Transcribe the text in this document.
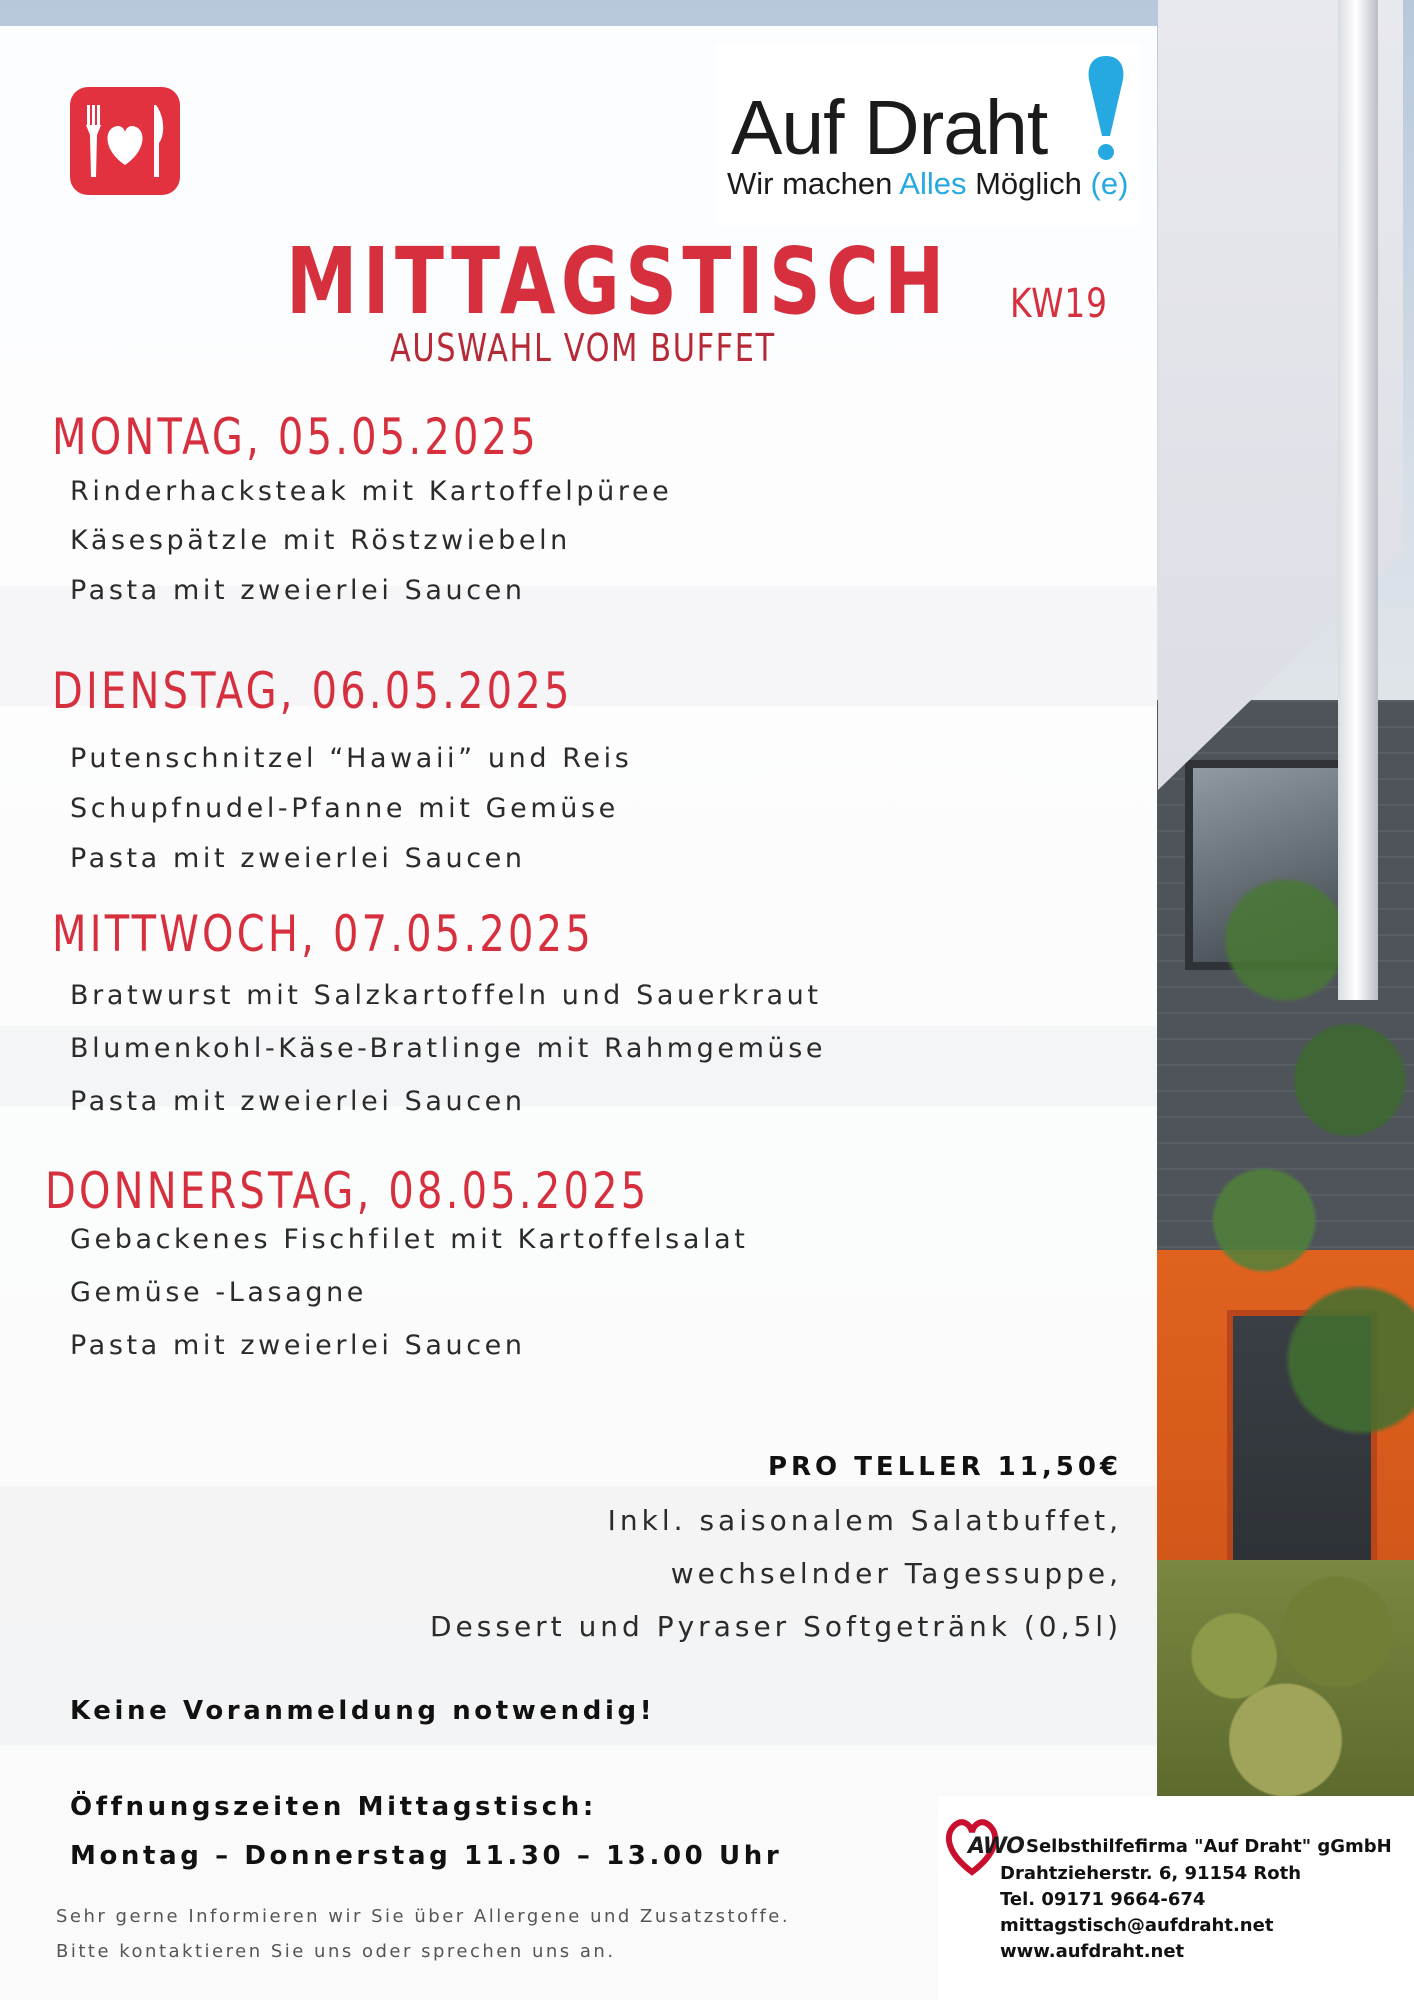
Auf Draht
Wir machen Alles Möglich (e)
MITTAGSTISCH
AUSWAHL VOM BUFFET
KW19
MONTAG, 05.05.2025
Rinderhacksteak mit Kartoffelpüree
Käsespätzle mit Röstzwiebeln
Pasta mit zweierlei Saucen
DIENSTAG, 06.05.2025
Putenschnitzel “Hawaii” und Reis
Schupfnudel-Pfanne mit Gemüse
Pasta mit zweierlei Saucen
MITTWOCH, 07.05.2025
Bratwurst mit Salzkartoffeln und Sauerkraut
Blumenkohl-Käse-Bratlinge mit Rahmgemüse
Pasta mit zweierlei Saucen
DONNERSTAG, 08.05.2025
Gebackenes Fischfilet mit Kartoffelsalat
Gemüse -Lasagne
Pasta mit zweierlei Saucen
PRO TELLER 11,50€
Inkl. saisonalem Salatbuffet,
wechselnder Tagessuppe,
Dessert und Pyraser Softgetränk (0,5l)
Keine Voranmeldung notwendig!
Öffnungszeiten Mittagstisch:
Montag – Donnerstag 11.30 – 13.00 Uhr
Sehr gerne Informieren wir Sie über Allergene und Zusatzstoffe.
Bitte kontaktieren Sie uns oder sprechen uns an.
AWO Selbsthilfefirma "Auf Draht" gGmbH
Drahtzieherstr. 6, 91154 Roth
Tel. 09171 9664-674
mittagstisch@aufdraht.net
www.aufdraht.net
